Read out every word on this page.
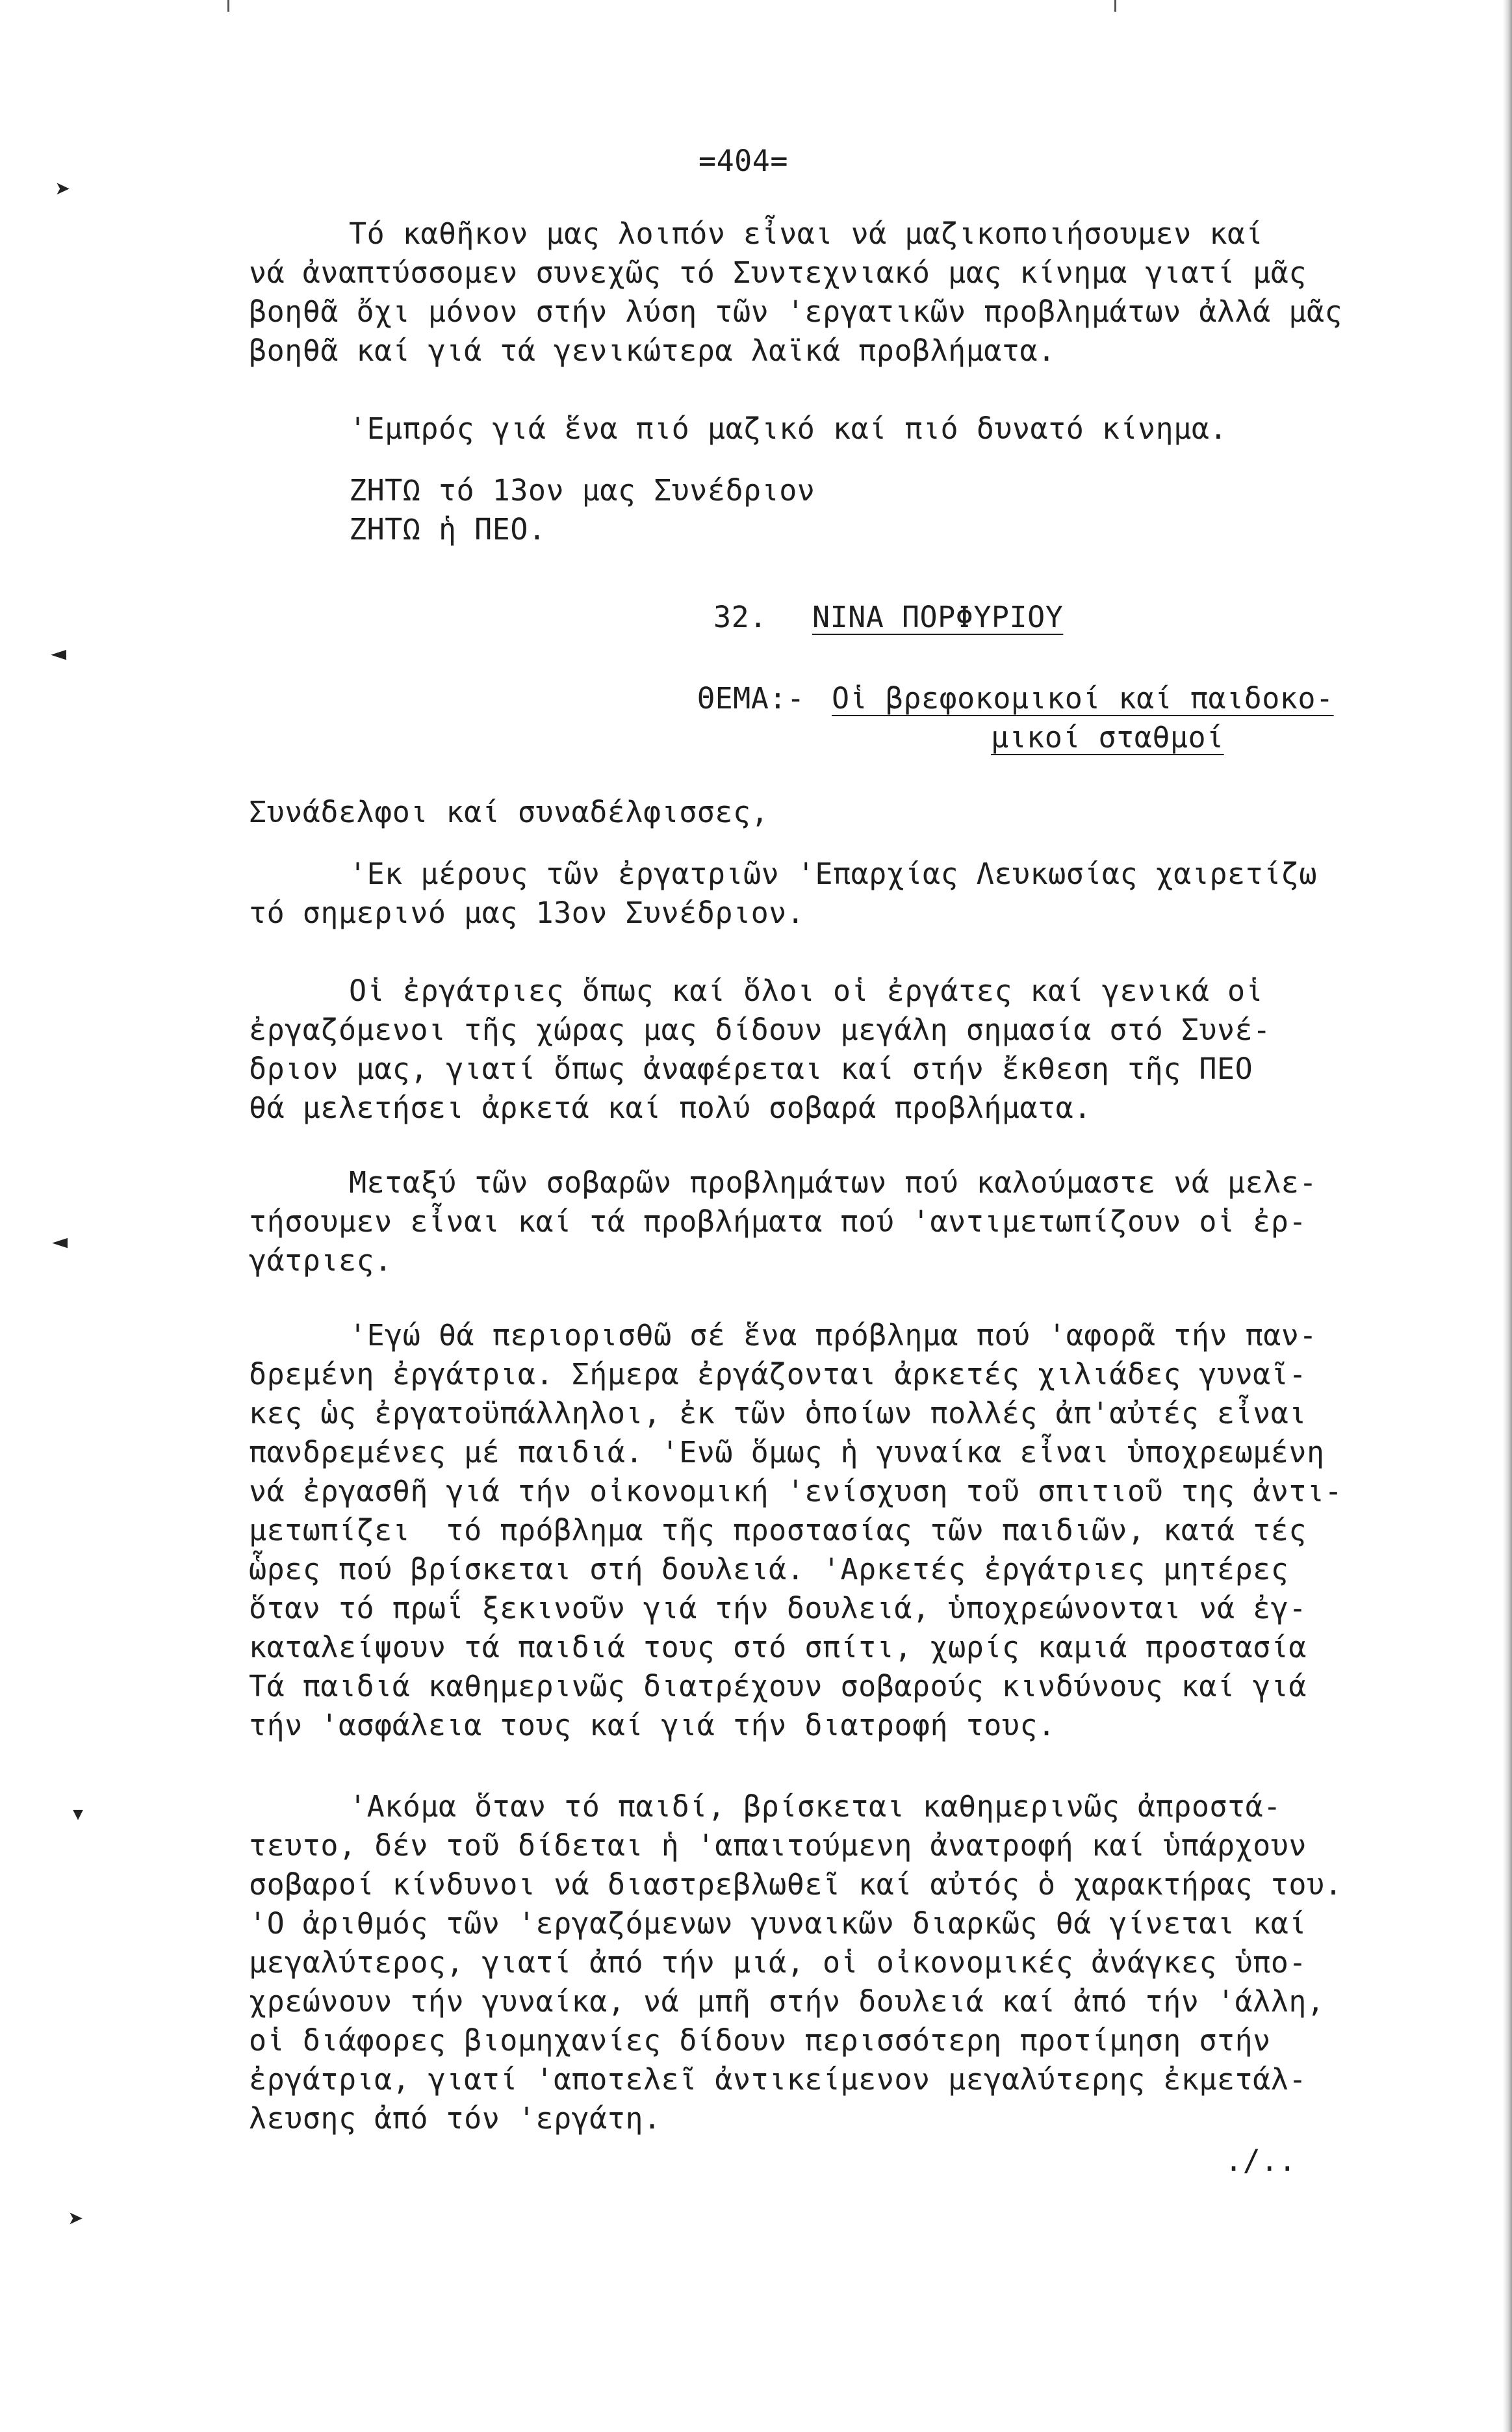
➤
◄
◄
▾
➤
=404=
Τό καθῆκον μας λοιπόν εἶναι νά μαζικοποιήσουμεν καί
νά ἀναπτύσσομεν συνεχῶς τό Συντεχνιακό μας κίνημα γιατί μᾶς
βοηθᾶ ὄχι μόνον στήν λύση τῶν 'εργατικῶν προβλημάτων ἀλλά μᾶς
βοηθᾶ καί γιά τά γενικώτερα λαϊκά προβλήματα.
'Εμπρός γιά ἕνα πιό μαζικό καί πιό δυνατό κίνημα.
ΖΗΤΩ τό 13ον μας Συνέδριον
ΖΗΤΩ ἡ ΠΕΟ.
32. ΝΙΝΑ ΠΟΡΦΥΡΙΟΥ
ΘΕΜΑ:- Οἱ βρεφοκομικοί καί παιδοκο-
μικοί σταθμοί
Συνάδελφοι καί συναδέλφισσες,
'Εκ μέρους τῶν ἐργατριῶν 'Επαρχίας Λευκωσίας χαιρετίζω
τό σημερινό μας 13ον Συνέδριον.
Οἱ ἐργάτριες ὅπως καί ὅλοι οἱ ἐργάτες καί γενικά οἱ
ἐργαζόμενοι τῆς χώρας μας δίδουν μεγάλη σημασία στό Συνέ-
δριον μας, γιατί ὅπως ἀναφέρεται καί στήν ἔκθεση τῆς ΠΕΟ
θά μελετήσει ἀρκετά καί πολύ σοβαρά προβλήματα.
Μεταξύ τῶν σοβαρῶν προβλημάτων πού καλούμαστε νά μελε-
τήσουμεν εἶναι καί τά προβλήματα πού 'αντιμετωπίζουν οἱ ἐρ-
γάτριες.
'Εγώ θά περιορισθῶ σέ ἕνα πρόβλημα πού 'αφορᾶ τήν παν-
δρεμένη ἐργάτρια. Σήμερα ἐργάζονται ἀρκετές χιλιάδες γυναῖ-
κες ὡς ἐργατοϋπάλληλοι, ἐκ τῶν ὁποίων πολλές ἀπ'αὐτές εἶναι
πανδρεμένες μέ παιδιά. 'Ενῶ ὅμως ἡ γυναίκα εἶναι ὑποχρεωμένη
νά ἐργασθῆ γιά τήν οἰκονομική 'ενίσχυση τοῦ σπιτιοῦ της ἀντι-
μετωπίζει  τό πρόβλημα τῆς προστασίας τῶν παιδιῶν, κατά τές
ὧρες πού βρίσκεται στή δουλειά. 'Αρκετές ἐργάτριες μητέρες
ὅταν τό πρωΐ ξεκινοῦν γιά τήν δουλειά, ὑποχρεώνονται νά ἐγ-
καταλείψουν τά παιδιά τους στό σπίτι, χωρίς καμιά προστασία
Τά παιδιά καθημερινῶς διατρέχουν σοβαρούς κινδύνους καί γιά
τήν 'ασφάλεια τους καί γιά τήν διατροφή τους.
'Ακόμα ὅταν τό παιδί, βρίσκεται καθημερινῶς ἀπροστά-
τευτο, δέν τοῦ δίδεται ἡ 'απαιτούμενη ἀνατροφή καί ὑπάρχουν
σοβαροί κίνδυνοι νά διαστρεβλωθεῖ καί αὐτός ὁ χαρακτήρας του.
'Ο ἀριθμός τῶν 'εργαζόμενων γυναικῶν διαρκῶς θά γίνεται καί
μεγαλύτερος, γιατί ἀπό τήν μιά, οἱ οἰκονομικές ἀνάγκες ὑπο-
χρεώνουν τήν γυναίκα, νά μπῆ στήν δουλειά καί ἀπό τήν 'άλλη,
οἱ διάφορες βιομηχανίες δίδουν περισσότερη προτίμηση στήν
ἐργάτρια, γιατί 'αποτελεῖ ἀντικείμενον μεγαλύτερης ἐκμετάλ-
λευσης ἀπό τόν 'εργάτη.
./..
